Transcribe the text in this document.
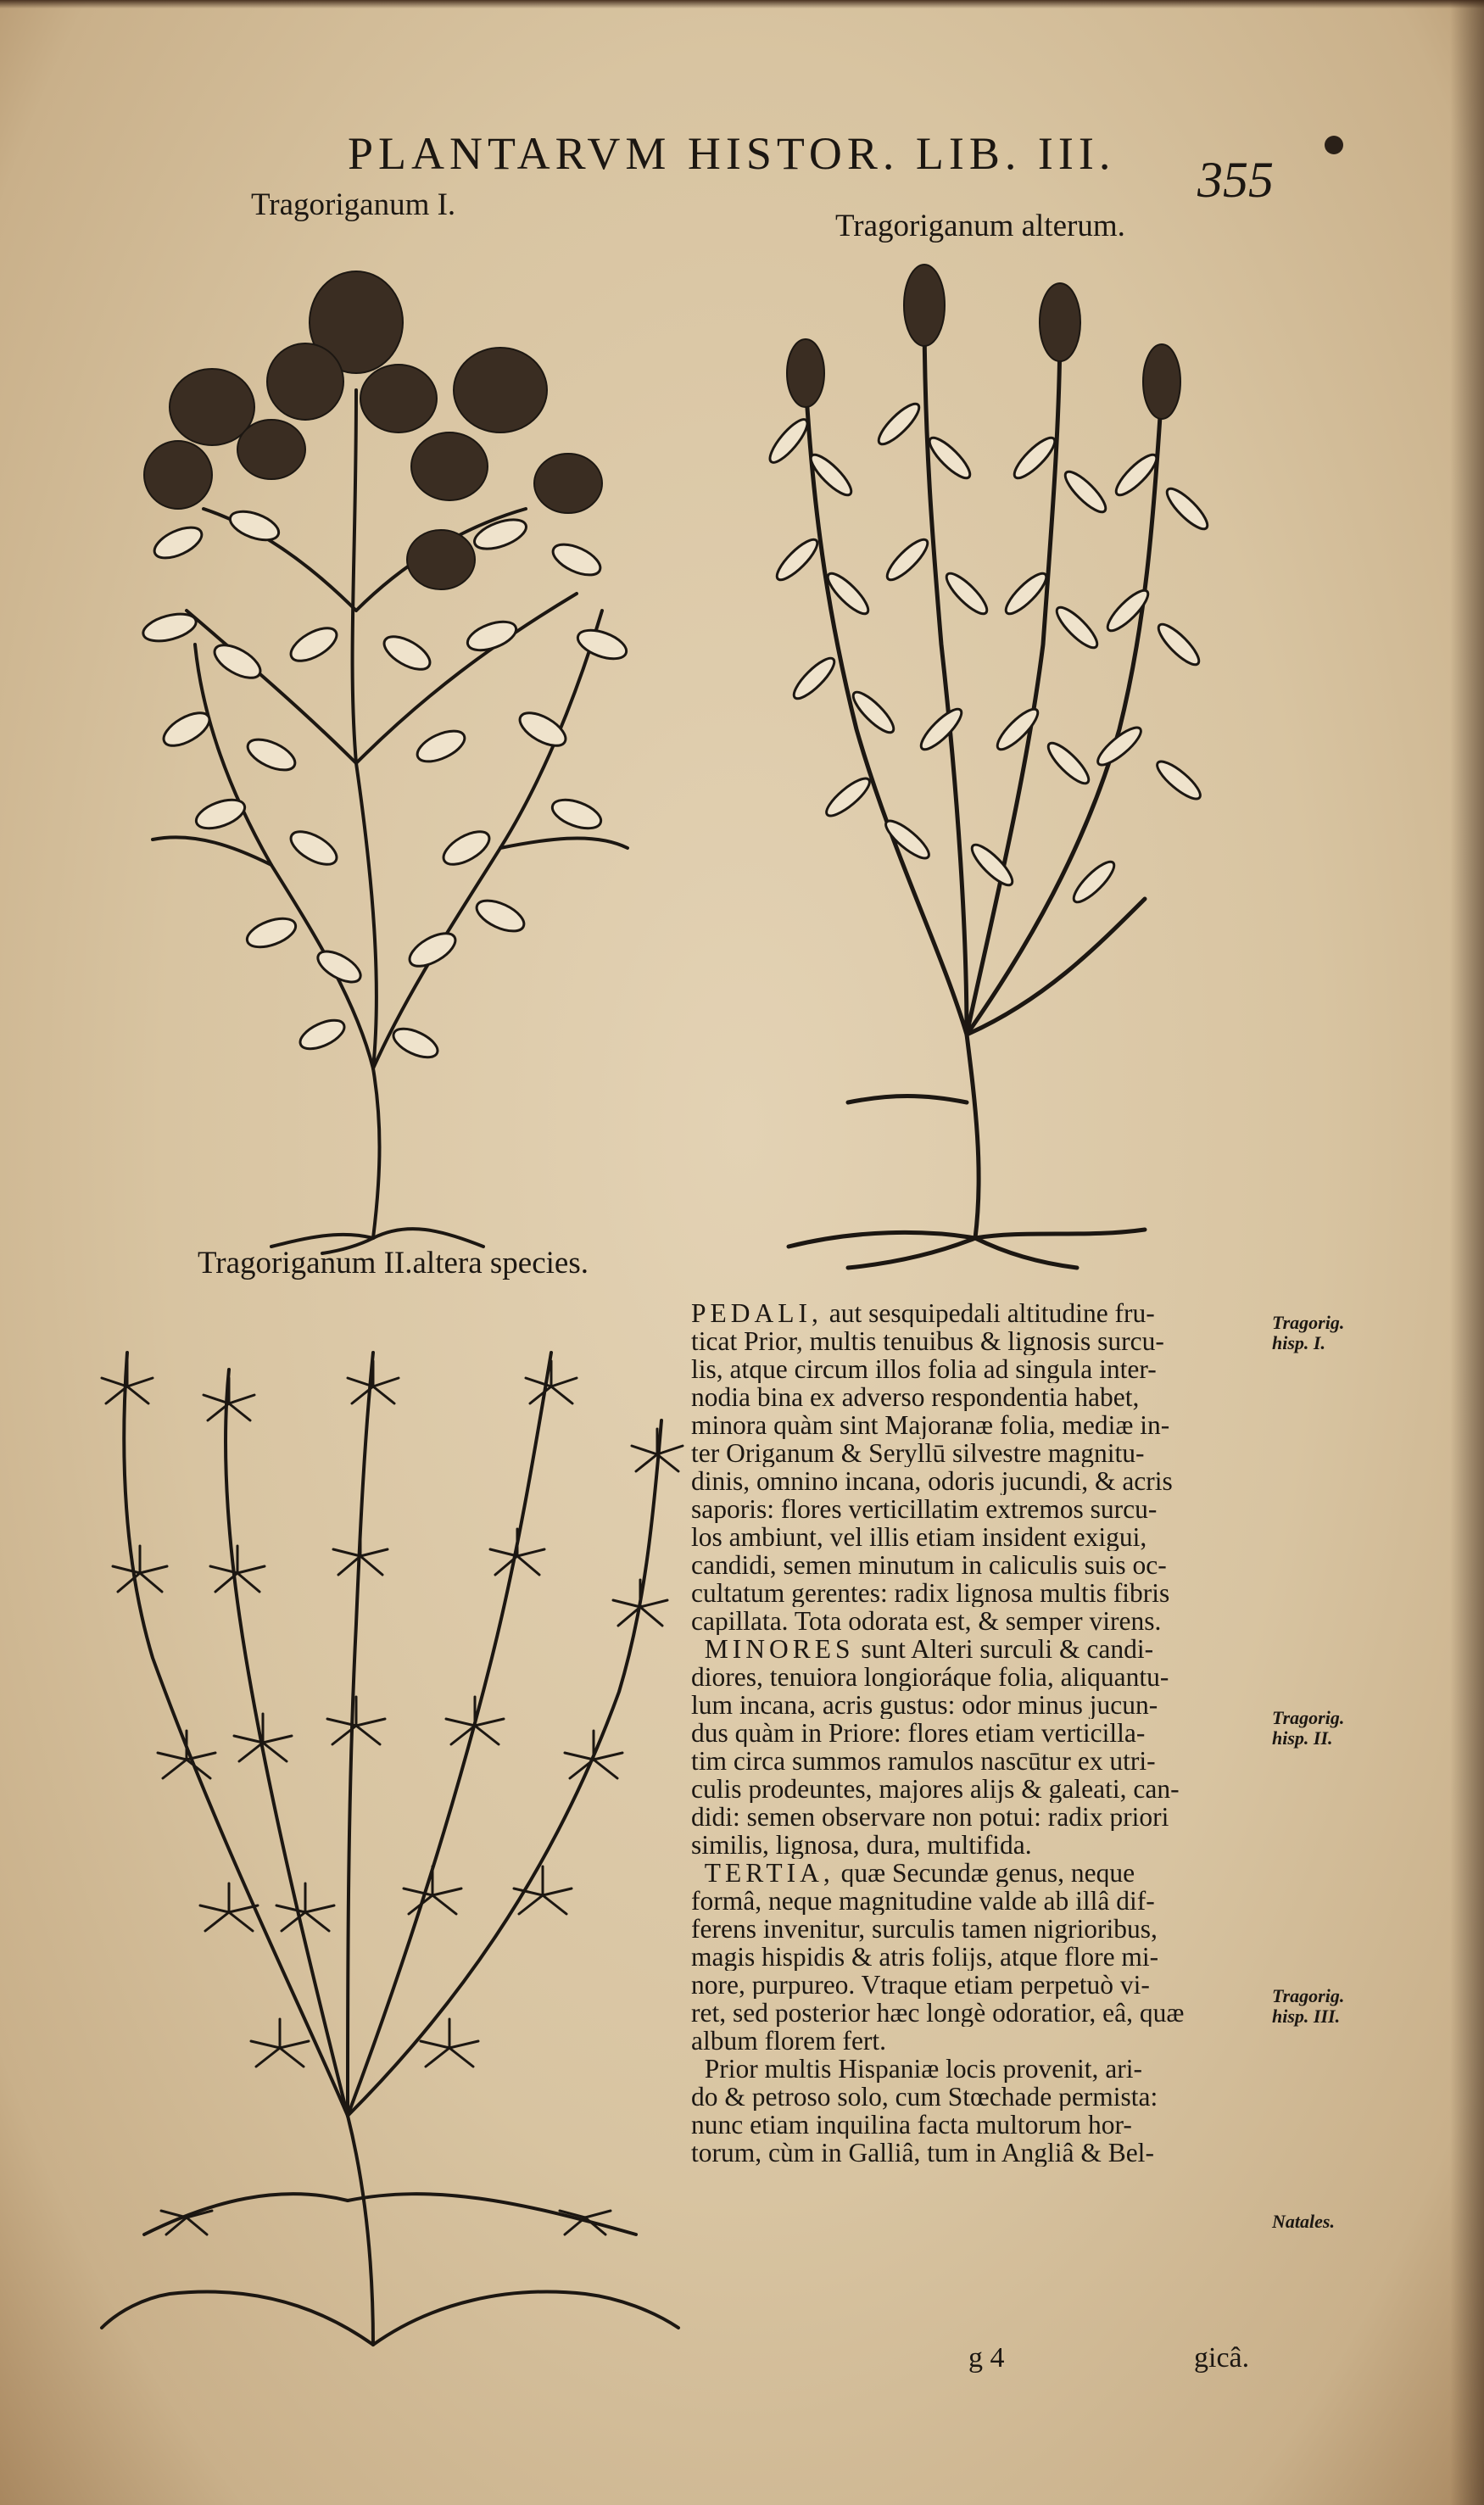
PLANTARVM HISTOR. LIB. III. 355
Tragoriganum I.
Tragoriganum alterum.
Tragoriganum II.altera species.
PEDALI, aut sesquipedali altitudine fru-
ticat Prior, multis tenuibus & lignosis surcu-
lis, atque circum illos folia ad singula inter-
nodia bina ex adverso respondentia habet,
minora quàm sint Majoranæ folia, mediæ in-
ter Origanum & Seryllū silvestre magnitu-
dinis, omnino incana, odoris jucundi, & acris
saporis: flores verticillatim extremos surcu-
los ambiunt, vel illis etiam insident exigui,
candidi, semen minutum in caliculis suis oc-
cultatum gerentes: radix lignosa multis fibris
capillata. Tota odorata est, & semper virens.
MINORES sunt Alteri surculi & candi-
diores, tenuiora longioráque folia, aliquantu-
lum incana, acris gustus: odor minus jucun-
dus quàm in Priore: flores etiam verticilla-
tim circa summos ramulos nascūtur ex utri-
culis prodeuntes, majores alijs & galeati, can-
didi: semen observare non potui: radix priori
similis, lignosa, dura, multifida.
TERTIA, quæ Secundæ genus, neque
formâ, neque magnitudine valde ab illâ dif-
ferens invenitur, surculis tamen nigrioribus,
magis hispidis & atris folijs, atque flore mi-
nore, purpureo. Vtraque etiam perpetuò vi-
ret, sed posterior hæc longè odoratior, eâ, quæ
album florem fert.
Prior multis Hispaniæ locis provenit, ari-
do & petroso solo, cum Stœchade permista:
nunc etiam inquilina facta multorum hor-
torum, cùm in Galliâ, tum in Angliâ & Bel-
Tragorig.
hisp. I.
Tragorig.
hisp. II.
Tragorig.
hisp. III.
Natales.
g 4	gicâ.
